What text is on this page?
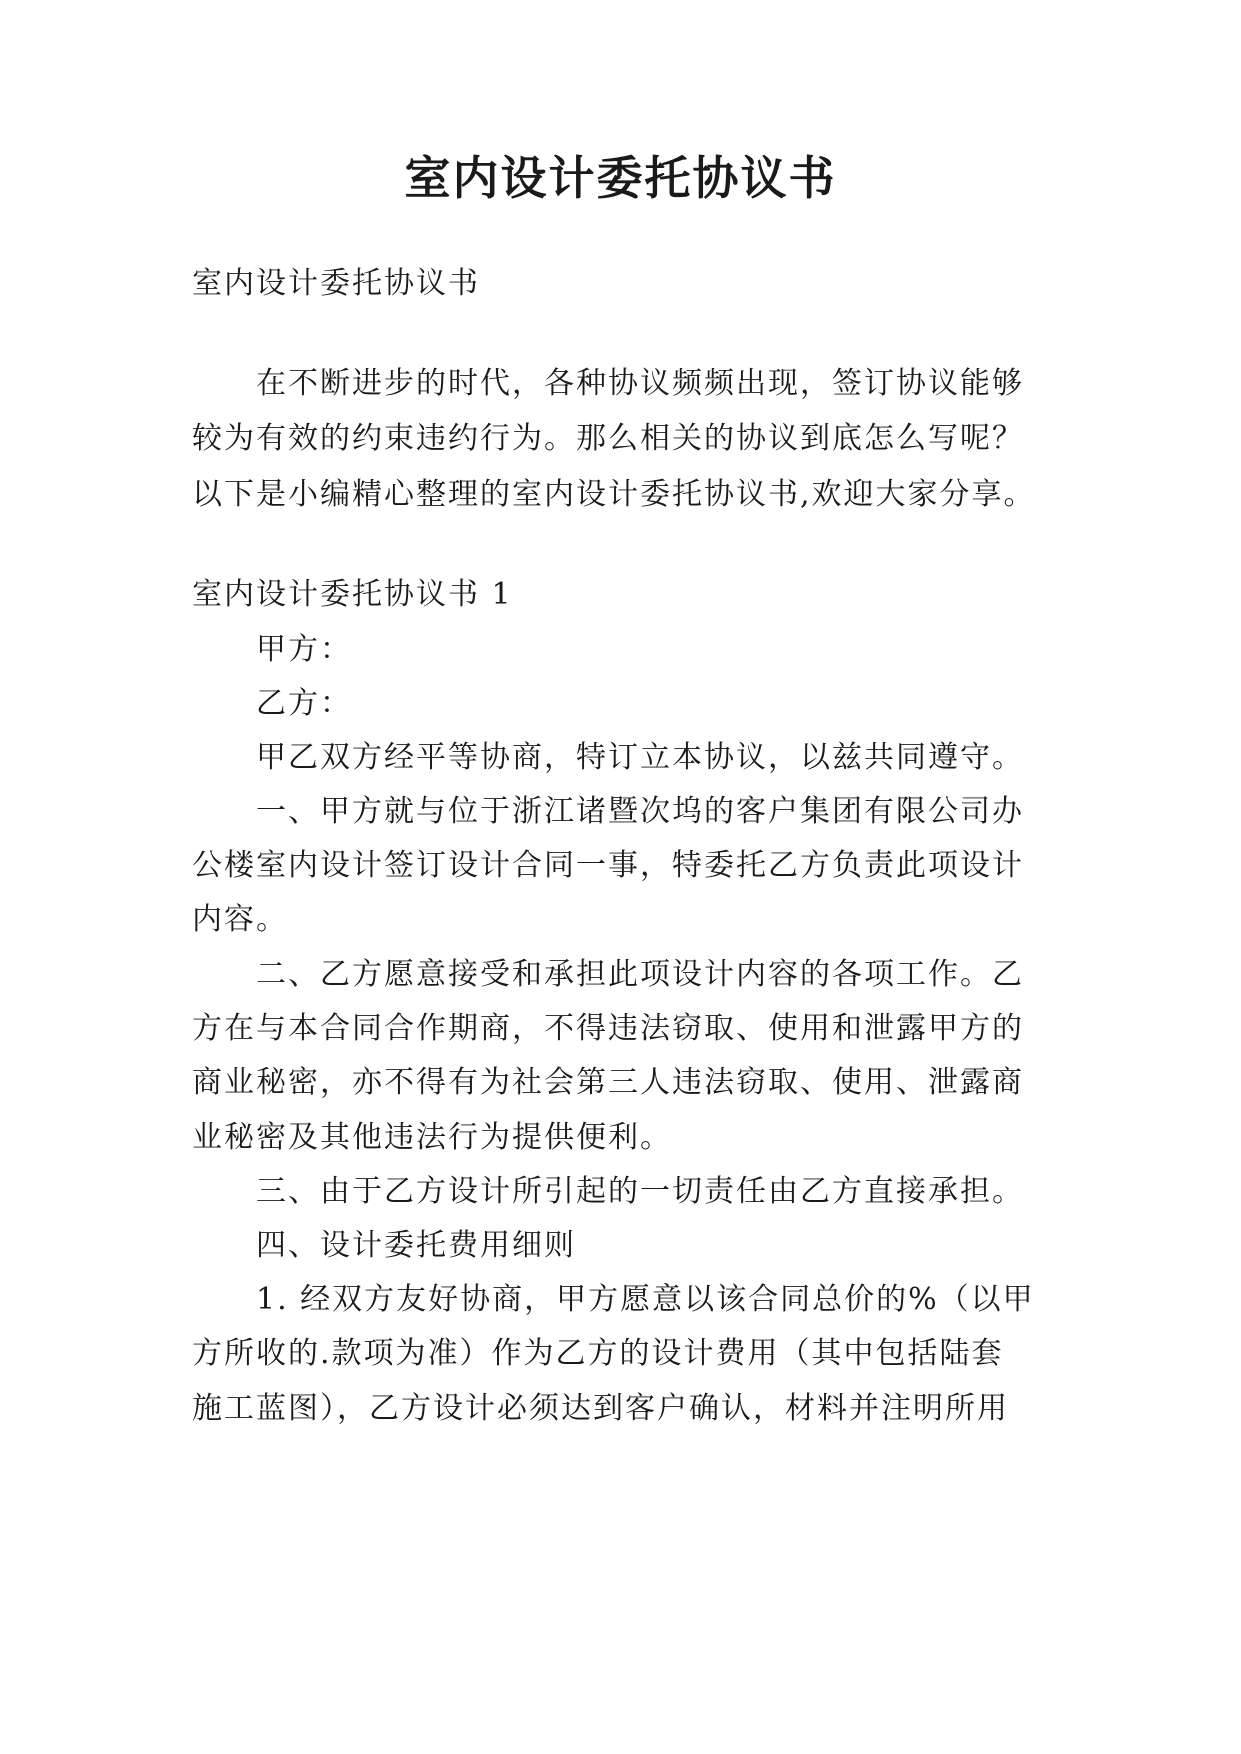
室内设计委托协议书

室内设计委托协议书

在不断进步的时代，各种协议频频出现，签订协议能够

较为有效的约束违约行为。那么相关的协议到底怎么写呢？

以下是小编精心整理的室内设计委托协议书,欢迎大家分享。

室内设计委托协议书 1

甲方：

乙方：

甲乙双方经平等协商，特订立本协议，以兹共同遵守。

一、甲方就与位于浙江诸暨次坞的客户集团有限公司办

公楼室内设计签订设计合同一事，特委托乙方负责此项设计

内容。

二、乙方愿意接受和承担此项设计内容的各项工作。乙

方在与本合同合作期商，不得违法窃取、使用和泄露甲方的

商业秘密，亦不得有为社会第三人违法窃取、使用、泄露商

业秘密及其他违法行为提供便利。

三、由于乙方设计所引起的一切责任由乙方直接承担。

四、设计委托费用细则

1. 经双方友好协商，甲方愿意以该合同总价的%（以甲

方所收的.款项为准）作为乙方的设计费用（其中包括陆套

施工蓝图），乙方设计必须达到客户确认，材料并注明所用
